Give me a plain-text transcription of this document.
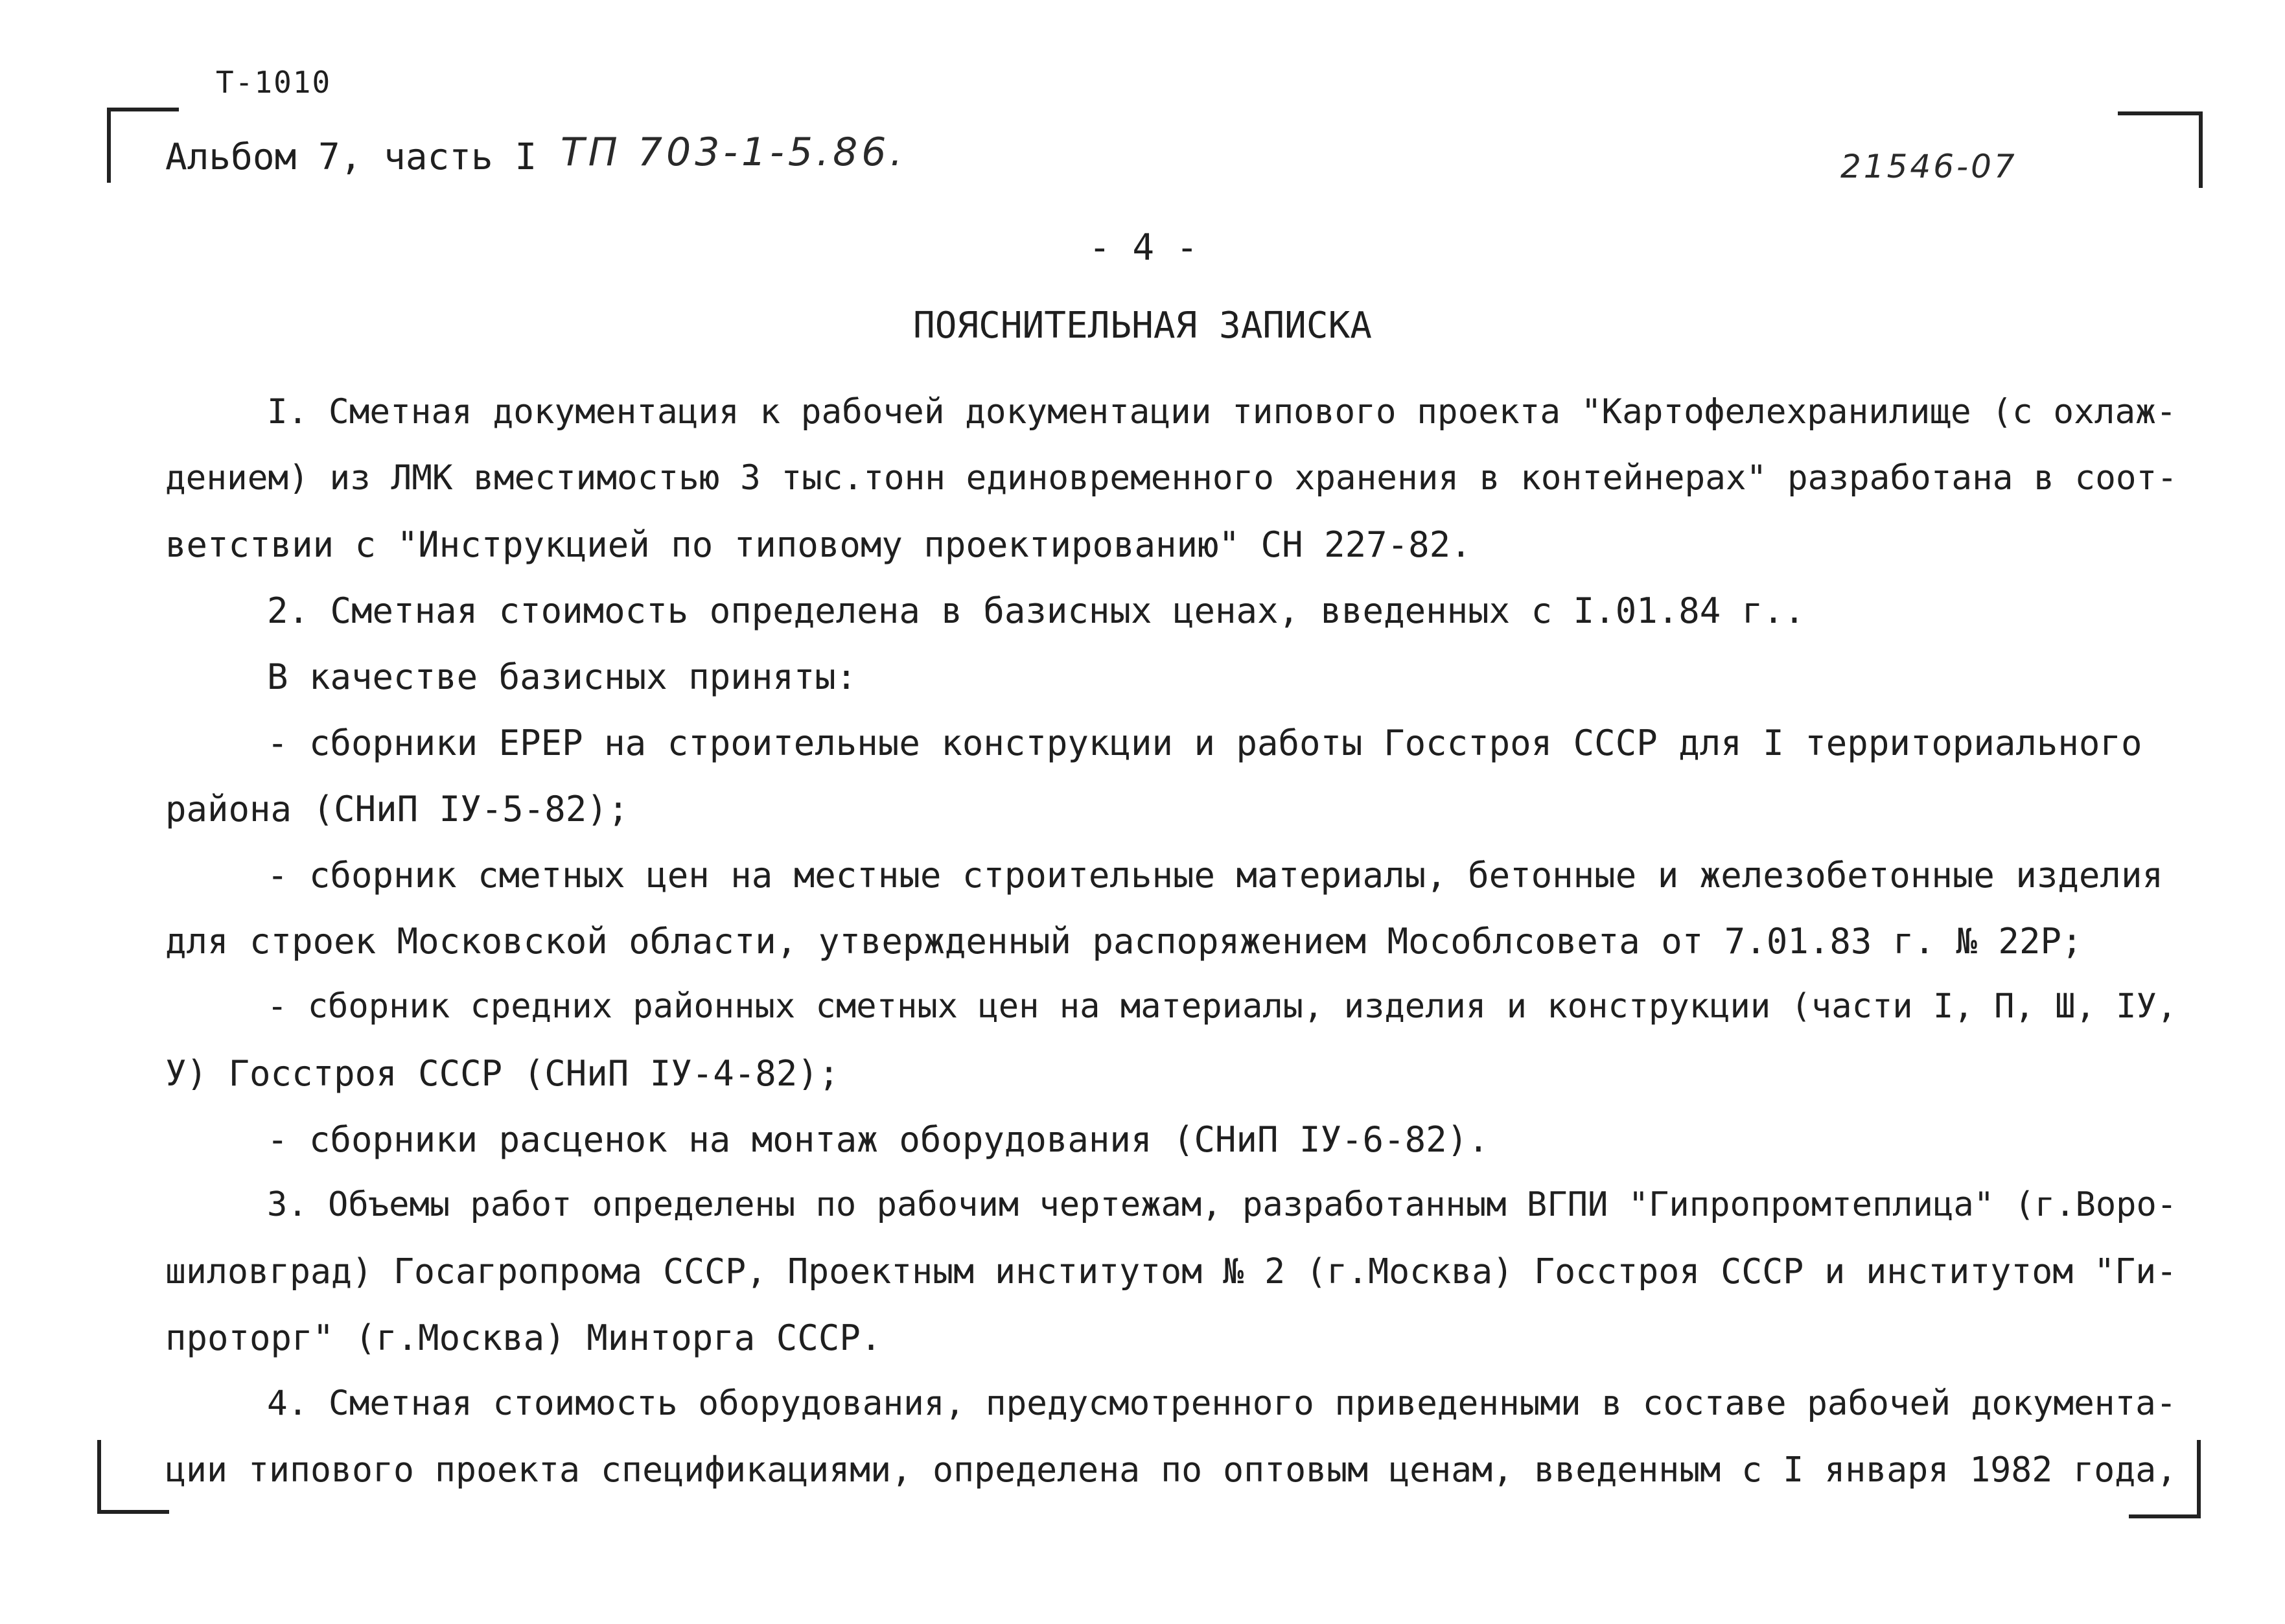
Т-1010
Альбом 7, часть I ТП 703-1-5.86.	21546-07
- 4 -
ПОЯСНИТЕЛЬНАЯ ЗАПИСКА
I. Сметная документация к рабочей документации типового проекта "Картофелехранилище (с охлаж-
дением) из ЛМК вместимостью 3 тыс.тонн единовременного хранения в контейнерах" разработана в соот-
ветствии с "Инструкцией по типовому проектированию" СН 227-82.
2. Сметная стоимость определена в базисных ценах, введенных с I.01.84 г..
В качестве базисных приняты:
- сборники ЕРЕР на строительные конструкции и работы Госстроя СССР для I территориального
района (СНиП IУ-5-82);
- сборник сметных цен на местные строительные материалы, бетонные и железобетонные изделия
для строек Московской области, утвержденный распоряжением Мособлсовета от 7.01.83 г. № 22Р;
- сборник средних районных сметных цен на материалы, изделия и конструкции (части I, П, Ш, IУ,
У) Госстроя СССР (СНиП IУ-4-82);
- сборники расценок на монтаж оборудования (СНиП IУ-6-82).
3. Объемы работ определены по рабочим чертежам, разработанным ВГПИ "Гипропромтеплица" (г.Воро-
шиловград) Госагропрома СССР, Проектным институтом № 2 (г.Москва) Госстроя СССР и институтом "Ги-
проторг" (г.Москва) Минторга СССР.
4. Сметная стоимость оборудования, предусмотренного приведенными в составе рабочей документа-
ции типового проекта спецификациями, определена по оптовым ценам, введенным с I января 1982 года,
